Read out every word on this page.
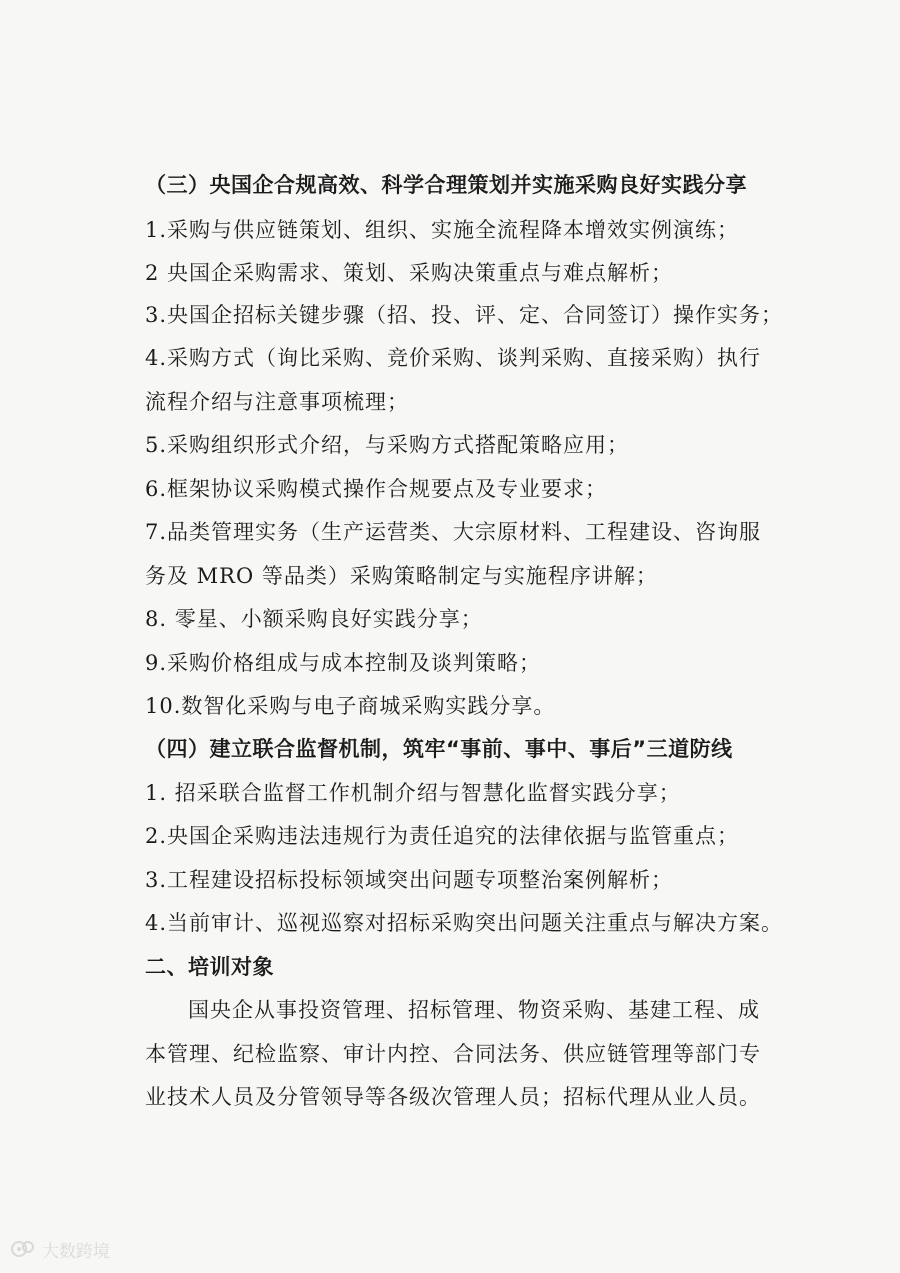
（三）央国企合规高效、科学合理策划并实施采购良好实践分享
1.采购与供应链策划、组织、实施全流程降本增效实例演练；
2 央国企采购需求、策划、采购决策重点与难点解析；
3.央国企招标关键步骤（招、投、评、定、合同签订）操作实务；
4.采购方式（询比采购、竞价采购、谈判采购、直接采购）执行
流程介绍与注意事项梳理；
5.采购组织形式介绍，与采购方式搭配策略应用；
6.框架协议采购模式操作合规要点及专业要求；
7.品类管理实务（生产运营类、大宗原材料、工程建设、咨询服
务及 MRO 等品类）采购策略制定与实施程序讲解；
8. 零星、小额采购良好实践分享；
9.采购价格组成与成本控制及谈判策略；
10.数智化采购与电子商城采购实践分享。
（四）建立联合监督机制，筑牢“事前、事中、事后”三道防线
1. 招采联合监督工作机制介绍与智慧化监督实践分享；
2.央国企采购违法违规行为责任追究的法律依据与监管重点；
3.工程建设招标投标领域突出问题专项整治案例解析；
4.当前审计、巡视巡察对招标采购突出问题关注重点与解决方案。
二、培训对象
国央企从事投资管理、招标管理、物资采购、基建工程、成
本管理、纪检监察、审计内控、合同法务、供应链管理等部门专
业技术人员及分管领导等各级次管理人员；招标代理从业人员。
大数跨境
